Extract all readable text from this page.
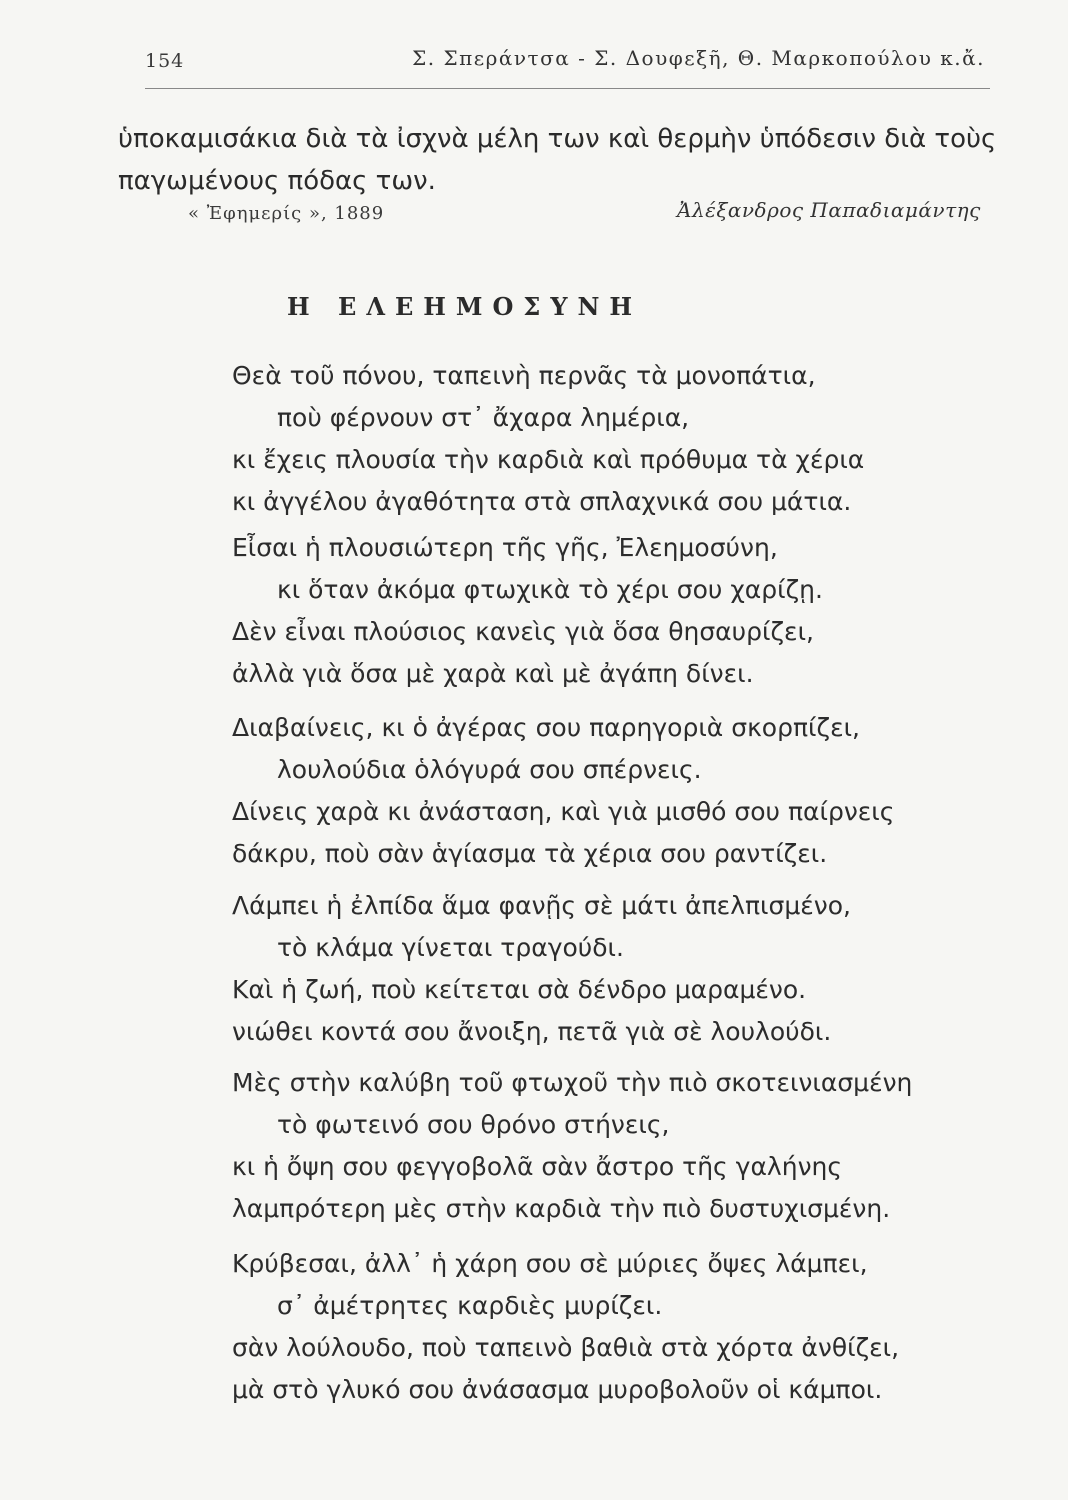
154	Σ. Σπεράντσα - Σ. Δουφεξῆ, Θ. Μαρκοπούλου κ.ἄ.

ὑποκαμισάκια διὰ τὰ ἰσχνὰ μέλη των καὶ θερμὴν ὑπόδεσιν διὰ τοὺς

παγωμένους πόδας των.

« Ἐφημερίς », 1889	Ἀλέξανδρος Παπαδιαμάντης
Η ΕΛΕΗΜΟΣΥΝΗ
Θεὰ τοῦ πόνου, ταπεινὴ περνᾶς τὰ μονοπάτια,
ποὺ φέρνουν στ᾽ ἄχαρα λημέρια,
κι ἔχεις πλουσία τὴν καρδιὰ καὶ πρόθυμα τὰ χέρια
κι ἀγγέλου ἀγαθότητα στὰ σπλαχνικά σου μάτια.
Εἶσαι ἡ πλουσιώτερη τῆς γῆς, Ἐλεημοσύνη,
κι ὅταν ἀκόμα φτωχικὰ τὸ χέρι σου χαρίζῃ.
Δὲν εἶναι πλούσιος κανεὶς γιὰ ὅσα θησαυρίζει,
ἀλλὰ γιὰ ὅσα μὲ χαρὰ καὶ μὲ ἀγάπη δίνει.
Διαβαίνεις, κι ὁ ἀγέρας σου παρηγοριὰ σκορπίζει,
λουλούδια ὁλόγυρά σου σπέρνεις.
Δίνεις χαρὰ κι ἀνάσταση, καὶ γιὰ μισθό σου παίρνεις
δάκρυ, ποὺ σὰν ἁγίασμα τὰ χέρια σου ραντίζει.
Λάμπει ἡ ἐλπίδα ἅμα φανῇς σὲ μάτι ἀπελπισμένο,
τὸ κλάμα γίνεται τραγούδι.
Καὶ ἡ ζωή, ποὺ κείτεται σὰ δένδρο μαραμένο.
νιώθει κοντά σου ἄνοιξη, πετᾶ γιὰ σὲ λουλούδι.
Μὲς στὴν καλύβη τοῦ φτωχοῦ τὴν πιὸ σκοτεινιασμένη
τὸ φωτεινό σου θρόνο στήνεις,
κι ἡ ὄψη σου φεγγοβολᾶ σὰν ἄστρο τῆς γαλήνης
λαμπρότερη μὲς στὴν καρδιὰ τὴν πιὸ δυστυχισμένη.
Κρύβεσαι, ἀλλ᾽ ἡ χάρη σου σὲ μύριες ὄψες λάμπει,
σ᾽ ἀμέτρητες καρδιὲς μυρίζει.
σὰν λούλουδο, ποὺ ταπεινὸ βαθιὰ στὰ χόρτα ἀνθίζει,
μὰ στὸ γλυκό σου ἀνάσασμα μυροβολοῦν οἱ κάμποι.
